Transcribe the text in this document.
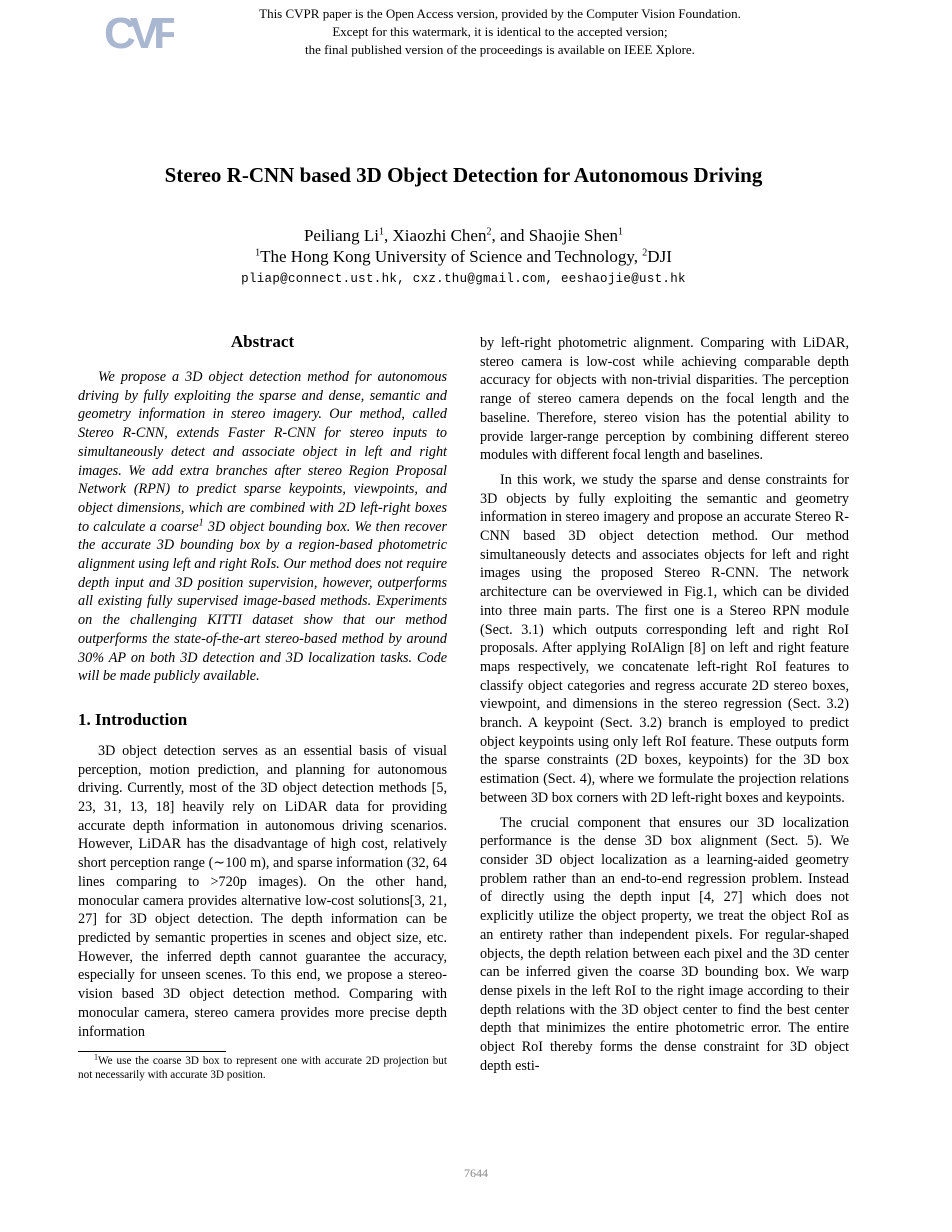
CVF	This CVPR paper is the Open Access version, provided by the Computer Vision Foundation.
Except for this watermark, it is identical to the accepted version;
the final published version of the proceedings is available on IEEE Xplore.
Stereo R-CNN based 3D Object Detection for Autonomous Driving
Peiliang Li$^1$, Xiaozhi Chen$^2$, and Shaojie Shen$^1$
$^1$The Hong Kong University of Science and Technology, $^2$DJI
pliap@connect.ust.hk, cxz.thu@gmail.com, eeshaojie@ust.hk
Abstract

We propose a 3D object detection method for autonomous driving by fully exploiting the sparse and dense, semantic and geometry information in stereo imagery. Our method, called Stereo R-CNN, extends Faster R-CNN for stereo inputs to simultaneously detect and associate object in left and right images. We add extra branches after stereo Region Proposal Network (RPN) to predict sparse keypoints, viewpoints, and object dimensions, which are combined with 2D left-right boxes to calculate a coarse$^1$ 3D object bounding box. We then recover the accurate 3D bounding box by a region-based photometric alignment using left and right RoIs. Our method does not require depth input and 3D position supervision, however, outperforms all existing fully supervised image-based methods. Experiments on the challenging KITTI dataset show that our method outperforms the state-of-the-art stereo-based method by around 30% AP on both 3D detection and 3D localization tasks. Code will be made publicly available.

1. Introduction

3D object detection serves as an essential basis of visual perception, motion prediction, and planning for autonomous driving. Currently, most of the 3D object detection methods [5, 23, 31, 13, 18] heavily rely on LiDAR data for providing accurate depth information in autonomous driving scenarios. However, LiDAR has the disadvantage of high cost, relatively short perception range (∼100 m), and sparse information (32, 64 lines comparing to >720p images). On the other hand, monocular camera provides alternative low-cost solutions[3, 21, 27] for 3D object detection. The depth information can be predicted by semantic properties in scenes and object size, etc. However, the inferred depth cannot guarantee the accuracy, especially for unseen scenes. To this end, we propose a stereo-vision based 3D object detection method. Comparing with monocular camera, stereo camera provides more precise depth information

$^1$We use the coarse 3D box to represent one with accurate 2D projection but not necessarily with accurate 3D position.

by left-right photometric alignment. Comparing with LiDAR, stereo camera is low-cost while achieving comparable depth accuracy for objects with non-trivial disparities. The perception range of stereo camera depends on the focal length and the baseline. Therefore, stereo vision has the potential ability to provide larger-range perception by combining different stereo modules with different focal length and baselines.

In this work, we study the sparse and dense constraints for 3D objects by fully exploiting the semantic and geometry information in stereo imagery and propose an accurate Stereo R-CNN based 3D object detection method. Our method simultaneously detects and associates objects for left and right images using the proposed Stereo R-CNN. The network architecture can be overviewed in Fig.1, which can be divided into three main parts. The first one is a Stereo RPN module (Sect. 3.1) which outputs corresponding left and right RoI proposals. After applying RoIAlign [8] on left and right feature maps respectively, we concatenate left-right RoI features to classify object categories and regress accurate 2D stereo boxes, viewpoint, and dimensions in the stereo regression (Sect. 3.2) branch. A keypoint (Sect. 3.2) branch is employed to predict object keypoints using only left RoI feature. These outputs form the sparse constraints (2D boxes, keypoints) for the 3D box estimation (Sect. 4), where we formulate the projection relations between 3D box corners with 2D left-right boxes and keypoints.

The crucial component that ensures our 3D localization performance is the dense 3D box alignment (Sect. 5). We consider 3D object localization as a learning-aided geometry problem rather than an end-to-end regression problem. Instead of directly using the depth input [4, 27] which does not explicitly utilize the object property, we treat the object RoI as an entirety rather than independent pixels. For regular-shaped objects, the depth relation between each pixel and the 3D center can be inferred given the coarse 3D bounding box. We warp dense pixels in the left RoI to the right image according to their depth relations with the 3D object center to find the best center depth that minimizes the entire photometric error. The entire object RoI thereby forms the dense constraint for 3D object depth esti-

7644
